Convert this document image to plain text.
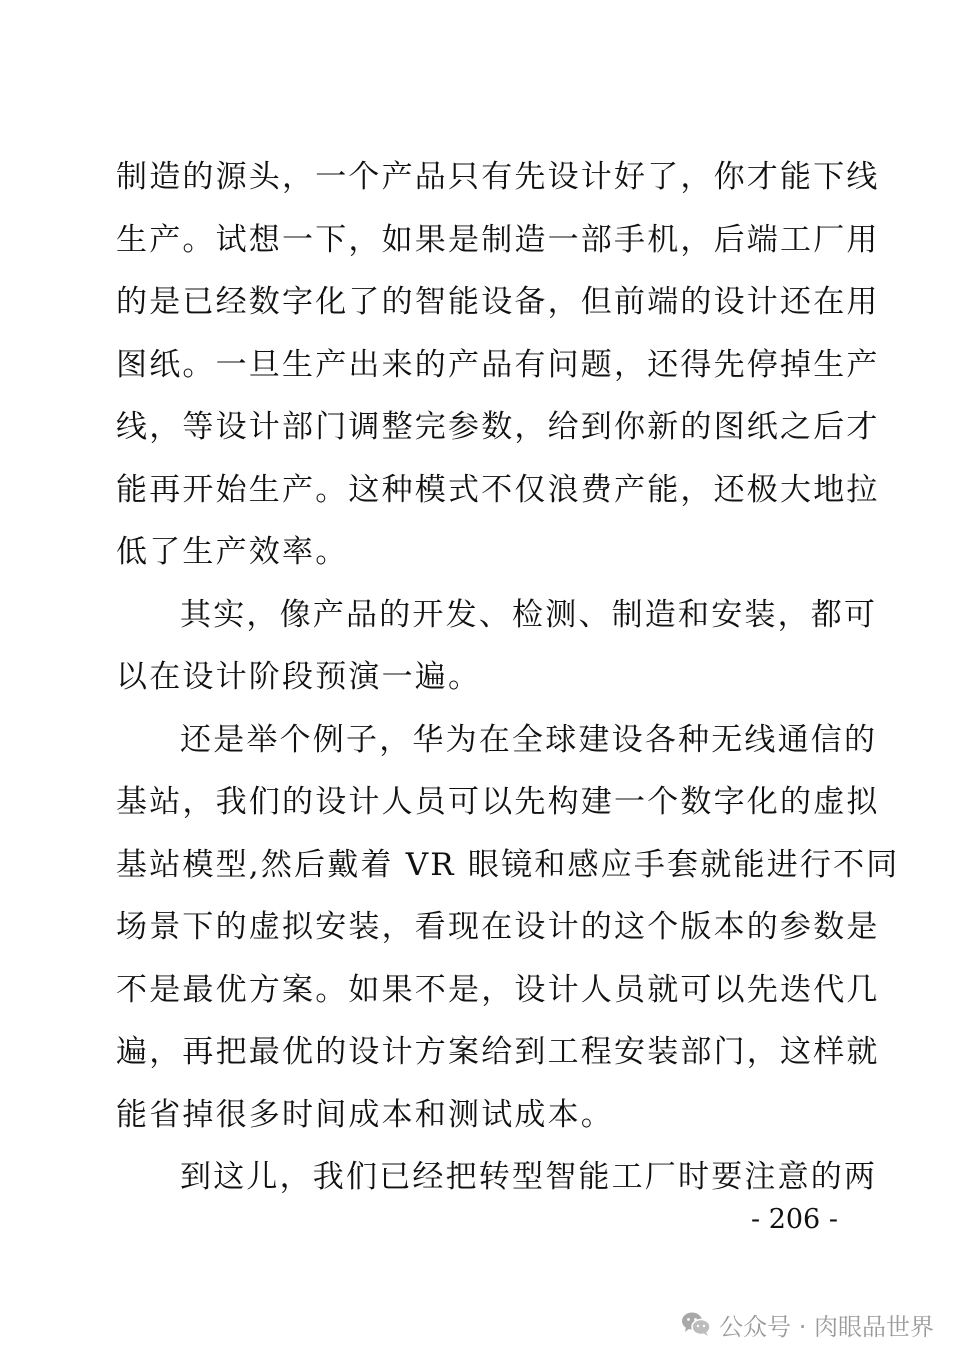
制造的源头，一个产品只有先设计好了，你才能下线
生产。试想一下，如果是制造一部手机，后端工厂用
的是已经数字化了的智能设备，但前端的设计还在用
图纸。一旦生产出来的产品有问题，还得先停掉生产
线，等设计部门调整完参数，给到你新的图纸之后才
能再开始生产。这种模式不仅浪费产能，还极大地拉
低了生产效率。
其实，像产品的开发、检测、制造和安装，都可
以在设计阶段预演一遍。
还是举个例子，华为在全球建设各种无线通信的
基站，我们的设计人员可以先构建一个数字化的虚拟
基站模型,然后戴着 VR 眼镜和感应手套就能进行不同
场景下的虚拟安装，看现在设计的这个版本的参数是
不是最优方案。如果不是，设计人员就可以先迭代几
遍，再把最优的设计方案给到工程安装部门，这样就
能省掉很多时间成本和测试成本。
到这儿，我们已经把转型智能工厂时要注意的两
- 206 -
公众号 · 肉眼品世界
